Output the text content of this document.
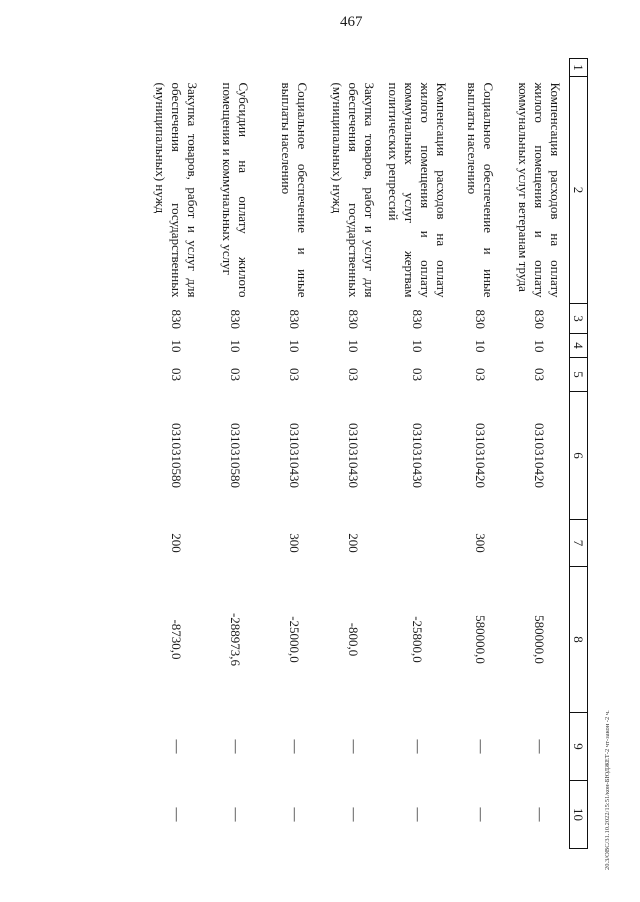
467
20.3/ОВС/31.10.2022/15:51/кон-БЮДЖЕТ-2 чт-закон -2 ч.
1	2	3	4	5	6	7	8	9	10
	Компенсация расходов на оплату жилого помещения и оплату коммунальных услуг ветеранам труда	830	10	03	0310310420		580000,0	—	—
	Социальное обеспечение и иные выплаты населению	830	10	03	0310310420	300	580000,0	—	—
	Компенсация расходов на оплату жилого помещения и оплату коммунальных услуг жертвам политических репрессий	830	10	03	0310310430		-25800,0	—	—
	Закупка товаров, работ и услуг для обеспечения государственных (муниципальных) нужд	830	10	03	0310310430	200	-800,0	—	—
	Социальное обеспечение и иные выплаты населению	830	10	03	0310310430	300	-25000,0	—	—
	Субсидии на оплату жилого помещения и коммунальных услуг	830	10	03	0310310580		-288973,6	—	—
	Закупка товаров, работ и услуг для обеспечения государственных (муниципальных) нужд	830	10	03	0310310580	200	-8730,0	—	—
